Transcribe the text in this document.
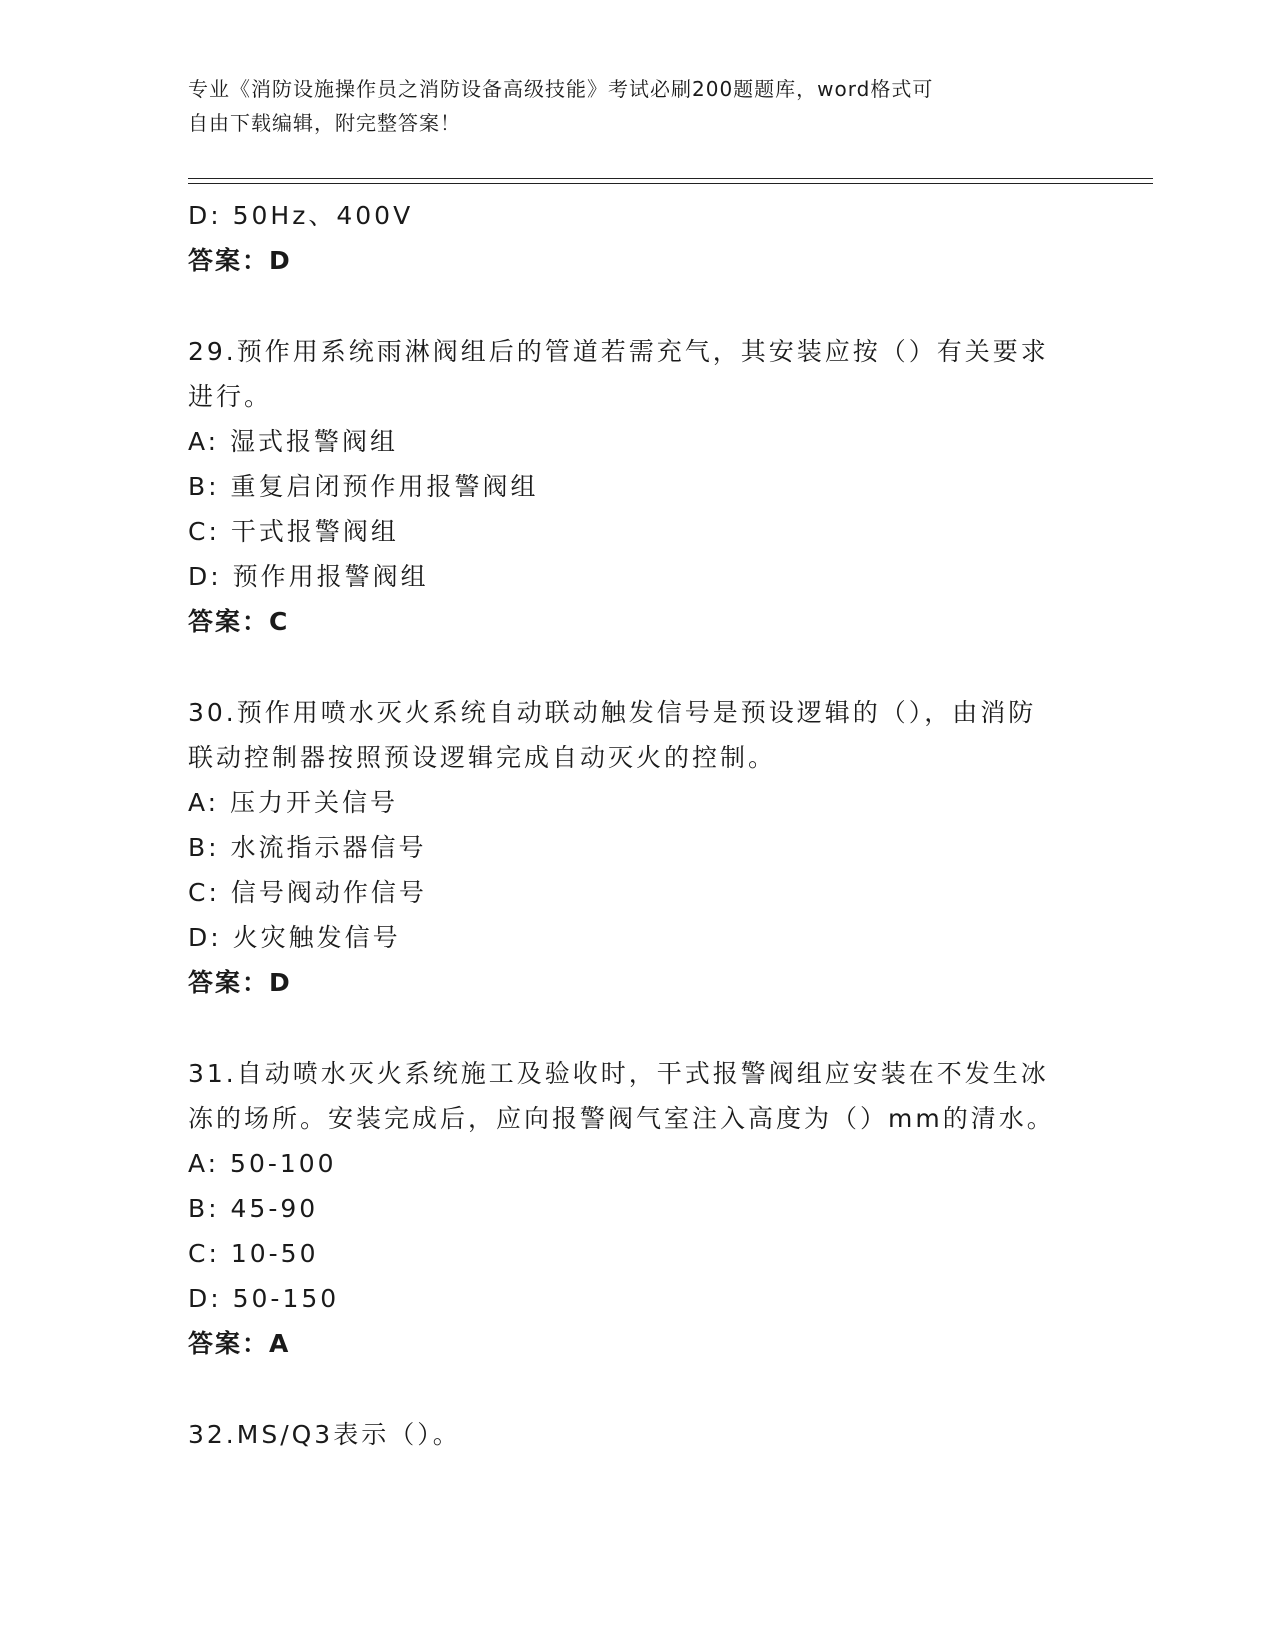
专业《消防设施操作员之消防设备高级技能》考试必刷200题题库，word格式可
自由下载编辑，附完整答案！
D: 50Hz、400V
答案：D
29.预作用系统雨淋阀组后的管道若需充气，其安装应按（）有关要求
进行。
A: 湿式报警阀组
B: 重复启闭预作用报警阀组
C: 干式报警阀组
D: 预作用报警阀组
答案：C
30.预作用喷水灭火系统自动联动触发信号是预设逻辑的（），由消防
联动控制器按照预设逻辑完成自动灭火的控制。
A: 压力开关信号
B: 水流指示器信号
C: 信号阀动作信号
D: 火灾触发信号
答案：D
31.自动喷水灭火系统施工及验收时，干式报警阀组应安装在不发生冰
冻的场所。安装完成后，应向报警阀气室注入高度为（）mm的清水。
A: 50-100
B: 45-90
C: 10-50
D: 50-150
答案：A
32.MS/Q3表示（）。
